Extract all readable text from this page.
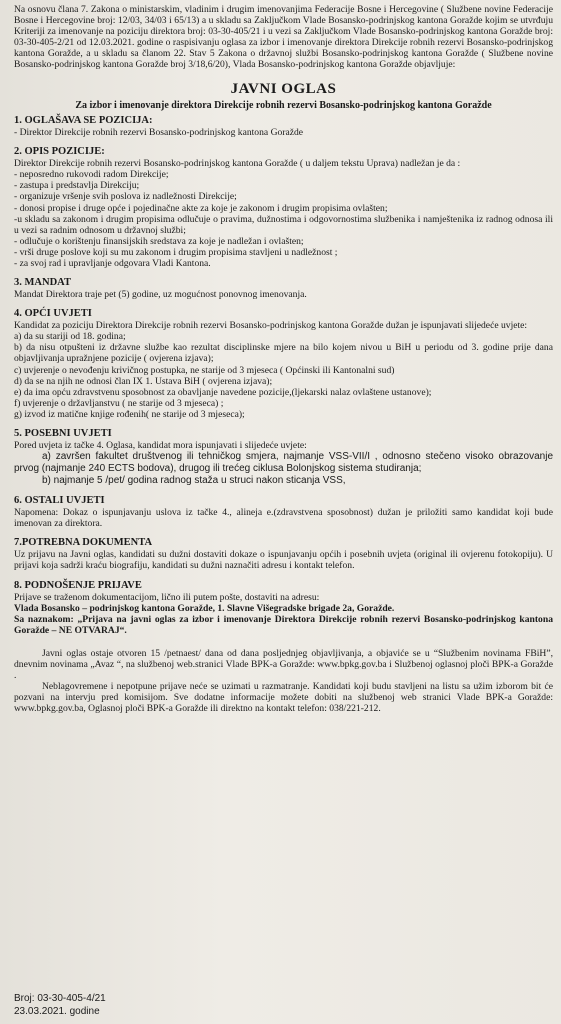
Na osnovu člana 7. Zakona o ministarskim, vladinim i drugim imenovanjima Federacije Bosne i Hercegovine ( Službene novine Federacije Bosne i Hercegovine broj: 12/03, 34/03 i 65/13) a u skladu sa Zaključkom Vlade Bosansko-podrinjskog kantona Goražde kojim se utvrđuju Kriteriji za imenovanje na poziciju direktora broj: 03-30-405/21 i u vezi sa Zaključkom Vlade Bosansko-podrinjskog kantona Goražde broj: 03-30-405-2/21 od 12.03.2021. godine o raspisivanju oglasa za izbor i imenovanje direktora Direkcije robnih rezervi Bosansko-podrinjskog kantona Goražde, a u skladu sa članom 22. Stav 5 Zakona o državnoj službi Bosansko-podrinjskog kantona Goražde ( Službene novine Bosansko-podrinjskog kantona Goražde broj 3/18,6/20), Vlada Bosansko-podrinjskog kantona Goražde objavljuje:

JAVNI OGLAS
Za izbor i imenovanje direktora Direkcije robnih rezervi Bosansko-podrinjskog kantona Goražde

1. OGLAŠAVA SE POZICIJA:

- Direktor Direkcije robnih rezervi Bosansko-podrinjskog kantona Goražde

2. OPIS POZICIJE:

Direktor Direkcije robnih rezervi Bosansko-podrinjskog kantona Goražde ( u daljem tekstu Uprava) nadležan je da :

- neposredno rukovodi radom Direkcije;

- zastupa i predstavlja Direkciju;

- organizuje vršenje svih poslova iz nadležnosti Direkcije;

- donosi propise i druge opće i pojedinačne akte za koje je zakonom i drugim propisima ovlašten;

-u skladu sa zakonom i drugim propisima odlučuje o pravima, dužnostima i odgovornostima službenika i namještenika iz radnog odnosa ili u vezi sa radnim odnosom u državnoj službi;

- odlučuje o korištenju finansijskih sredstava za koje je nadležan i ovlašten;

- vrši druge poslove koji su mu zakonom i drugim propisima stavljeni u nadležnost ;

- za svoj rad i upravljanje odgovara Vladi Kantona.

3. MANDAT

Mandat Direktora traje pet (5) godine, uz mogućnost ponovnog imenovanja.

4. OPĆI UVJETI

Kandidat za poziciju Direktora Direkcije robnih rezervi Bosansko-podrinjskog kantona Goražde dužan je ispunjavati slijedeće uvjete:

a) da su stariji od 18. godina;

b) da nisu otpušteni iz državne službe kao rezultat disciplinske mjere na bilo kojem nivou u BiH u periodu od 3. godine prije dana objavljivanja upražnjene pozicije ( ovjerena izjava);

c) uvjerenje o nevođenju krivičnog postupka, ne starije od 3 mjeseca ( Općinski ili Kantonalni sud)

d) da se na njih ne odnosi član IX 1. Ustava BiH ( ovjerena izjava);

e) da ima opću zdravstvenu sposobnost za obavljanje navedene pozicije,(ljekarski nalaz ovlaštene ustanove);

f) uvjerenje o državljanstvu ( ne starije od 3 mjeseca) ;

g) izvod iz matične knjige rođenih( ne starije od 3 mjeseca);

5. POSEBNI UVJETI

Pored uvjeta iz tačke 4. Oglasa, kandidat mora ispunjavati i slijedeće uvjete:

a) završen fakultet društvenog ili tehničkog smjera, najmanje VSS-VII/I , odnosno stečeno visoko obrazovanje prvog (najmanje 240 ECTS bodova), drugog ili trećeg ciklusa Bolonjskog sistema studiranja;

b) najmanje 5 /pet/ godina radnog staža u struci nakon sticanja VSS,

6. OSTALI UVJETI

Napomena: Dokaz o ispunjavanju uslova iz tačke 4., alineja e.(zdravstvena sposobnost) dužan je priložiti samo kandidat koji bude imenovan za direktora.

7.POTREBNA DOKUMENTA

Uz prijavu na Javni oglas, kandidati su dužni dostaviti dokaze o ispunjavanju općih i posebnih uvjeta (original ili ovjerenu fotokopiju). U prijavi koja sadrži kraću biografiju, kandidati su dužni naznačiti adresu i kontakt telefon.

8. PODNOŠENJE PRIJAVE

Prijave se traženom dokumentacijom, lično ili putem pošte, dostaviti na adresu:

Vlada Bosansko – podrinjskog kantona Goražde, 1. Slavne Višegradske brigade 2a, Goražde.

Sa naznakom: „Prijava na javni oglas za izbor i imenovanje Direktora Direkcije robnih rezervi Bosansko-podrinjskog kantona Goražde – NE OTVARAJ“.

Javni oglas ostaje otvoren 15 /petnaest/ dana od dana posljednjeg objavljivanja, a objaviće se u “Službenim novinama FBiH”, dnevnim novinama „Avaz “, na službenoj web.stranici Vlade BPK-a Goražde: www.bpkg.gov.ba i Službenoj oglasnoj ploči BPK-a Goražde .

Neblagovremene i nepotpune prijave neće se uzimati u razmatranje. Kandidati koji budu stavljeni na listu sa užim izborom bit će pozvani na intervju pred komisijom. Sve dodatne informacije možete dobiti na službenoj web stranici Vlade BPK-a Goražde: www.bpkg.gov.ba, Oglasnoj ploči BPK-a Goražde ili direktno na kontakt telefon: 038/221-212.

Broj: 03-30-405-4/21
23.03.2021. godine
